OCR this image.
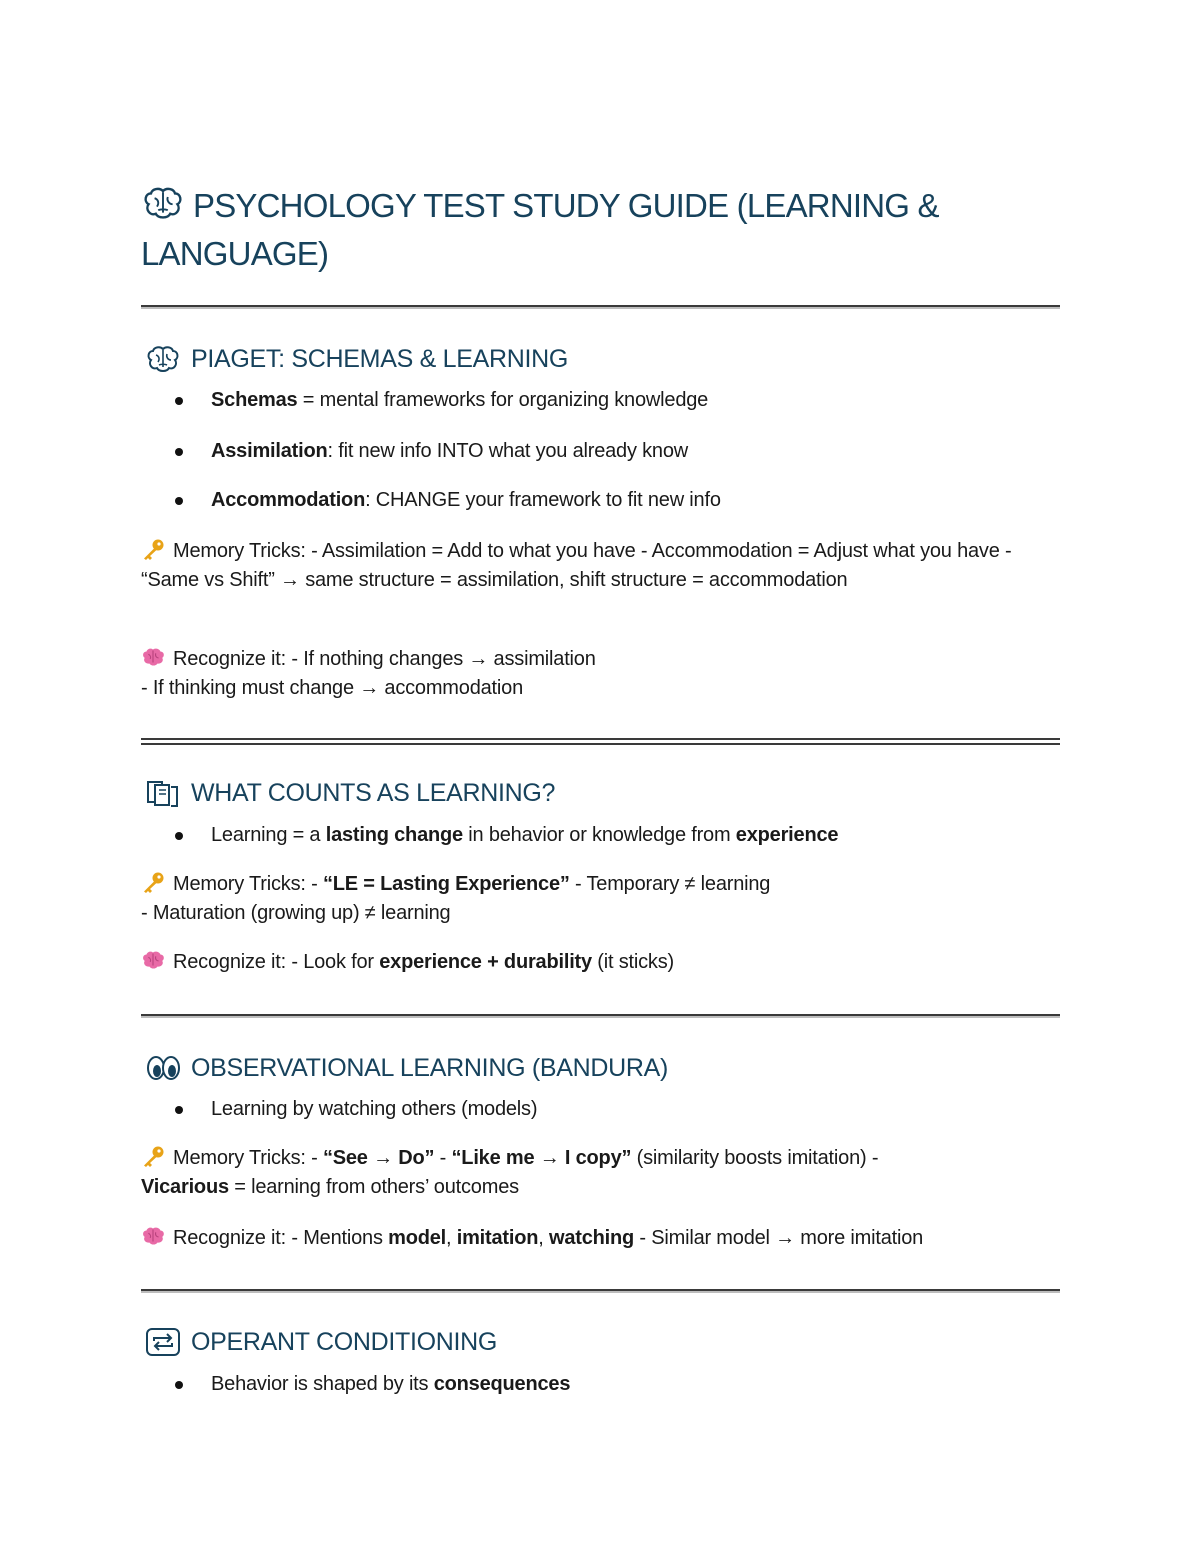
PSYCHOLOGY TEST STUDY GUIDE (LEARNING & LANGUAGE)
PIAGET: SCHEMAS & LEARNING
Schemas = mental frameworks for organizing knowledge
Assimilation: fit new info INTO what you already know
Accommodation: CHANGE your framework to fit new info
Memory Tricks: - Assimilation = Add to what you have - Accommodation = Adjust what you have - “Same vs Shift” → same structure = assimilation, shift structure = accommodation
Recognize it: - If nothing changes → assimilation
- If thinking must change → accommodation
WHAT COUNTS AS LEARNING?
Learning = a lasting change in behavior or knowledge from experience
Memory Tricks: - “LE = Lasting Experience” - Temporary ≠ learning
- Maturation (growing up) ≠ learning
Recognize it: - Look for experience + durability (it sticks)
OBSERVATIONAL LEARNING (BANDURA)
Learning by watching others (models)
Memory Tricks: - “See → Do” - “Like me → I copy” (similarity boosts imitation) -
Vicarious = learning from others’ outcomes
Recognize it: - Mentions model, imitation, watching - Similar model → more imitation
OPERANT CONDITIONING
Behavior is shaped by its consequences
